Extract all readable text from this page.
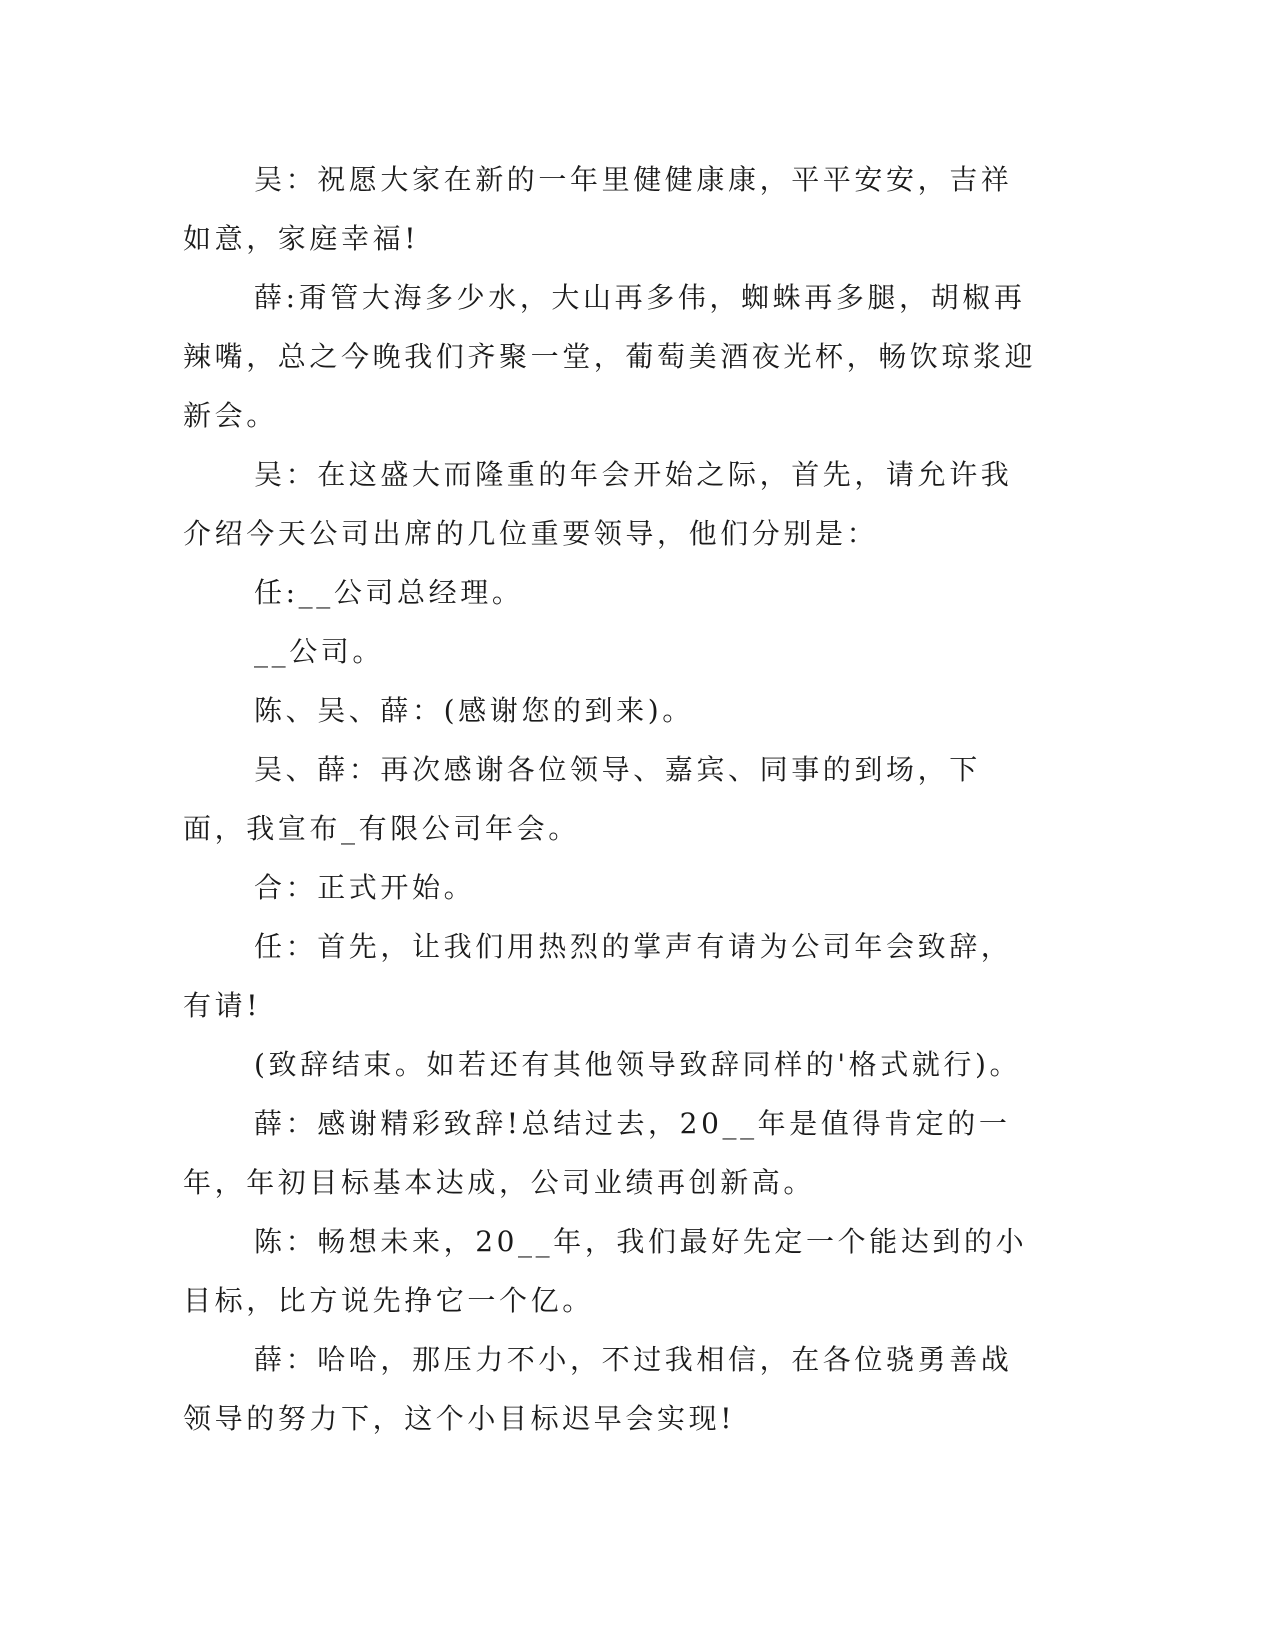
吴：祝愿大家在新的一年里健健康康，平平安安，吉祥如意，家庭幸福!

薛:甭管大海多少水，大山再多伟，蜘蛛再多腿，胡椒再辣嘴，总之今晚我们齐聚一堂，葡萄美酒夜光杯，畅饮琼浆迎新会。

吴：在这盛大而隆重的年会开始之际，首先，请允许我介绍今天公司出席的几位重要领导，他们分别是：

任:__公司总经理。

__公司。

陈、吴、薛：(感谢您的到来)。

吴、薛：再次感谢各位领导、嘉宾、同事的到场，下面，我宣布_有限公司年会。

合：正式开始。

任：首先，让我们用热烈的掌声有请为公司年会致辞，有请!

(致辞结束。如若还有其他领导致辞同样的'格式就行)。

薛：感谢精彩致辞!总结过去，20__年是值得肯定的一年，年初目标基本达成，公司业绩再创新高。

陈：畅想未来，20__年，我们最好先定一个能达到的小目标，比方说先挣它一个亿。

薛：哈哈，那压力不小，不过我相信，在各位骁勇善战领导的努力下，这个小目标迟早会实现!
